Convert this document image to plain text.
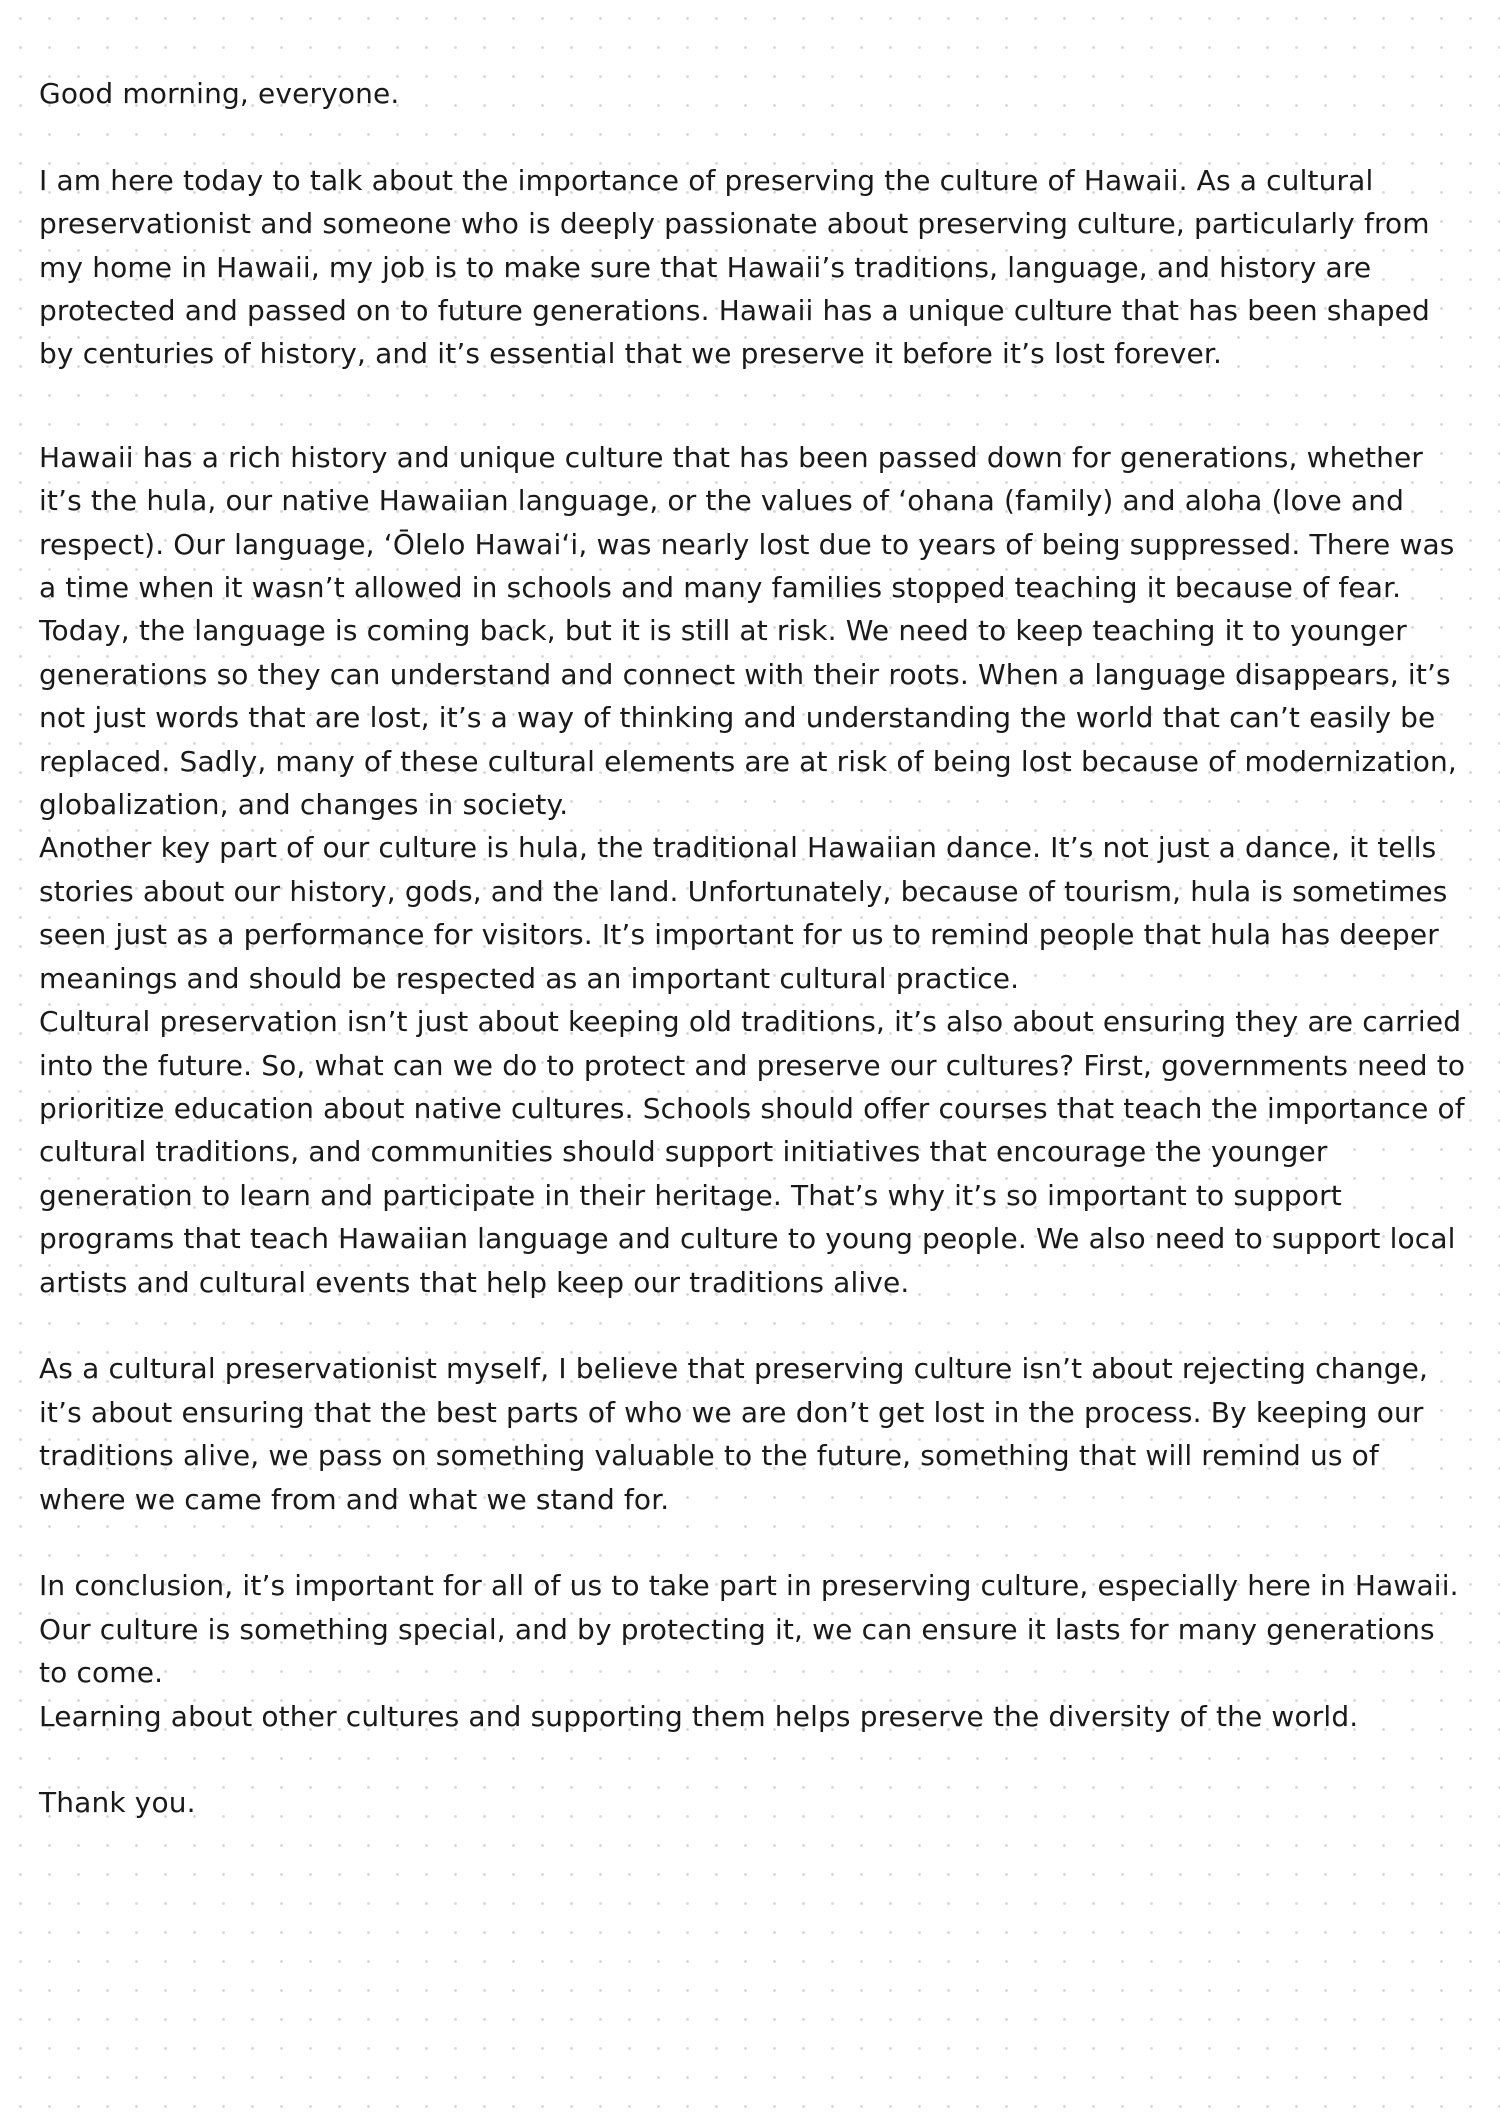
Good morning, everyone.

I am here today to talk about the importance of preserving the culture of Hawaii. As a cultural preservationist and someone who is deeply passionate about preserving culture, particularly from my home in Hawaii, my job is to make sure that Hawaii’s traditions, language, and history are protected and passed on to future generations. Hawaii has a unique culture that has been shaped by centuries of history, and it’s essential that we preserve it before it’s lost forever.

Hawaii has a rich history and unique culture that has been passed down for generations, whether it’s the hula, our native Hawaiian language, or the values of ʻohana (family) and aloha (love and respect). Our language, ʻŌlelo Hawaiʻi, was nearly lost due to years of being suppressed. There was a time when it wasn’t allowed in schools and many families stopped teaching it because of fear. Today, the language is coming back, but it is still at risk. We need to keep teaching it to younger generations so they can understand and connect with their roots. When a language disappears, it’s not just words that are lost, it’s a way of thinking and understanding the world that can’t easily be replaced. Sadly, many of these cultural elements are at risk of being lost because of modernization, globalization, and changes in society.

Another key part of our culture is hula, the traditional Hawaiian dance. It’s not just a dance, it tells stories about our history, gods, and the land. Unfortunately, because of tourism, hula is sometimes seen just as a performance for visitors. It’s important for us to remind people that hula has deeper meanings and should be respected as an important cultural practice.

Cultural preservation isn’t just about keeping old traditions, it’s also about ensuring they are carried into the future. So, what can we do to protect and preserve our cultures? First, governments need to prioritize education about native cultures. Schools should offer courses that teach the importance of cultural traditions, and communities should support initiatives that encourage the younger generation to learn and participate in their heritage. That’s why it’s so important to support programs that teach Hawaiian language and culture to young people. We also need to support local artists and cultural events that help keep our traditions alive.

As a cultural preservationist myself, I believe that preserving culture isn’t about rejecting change, it’s about ensuring that the best parts of who we are don’t get lost in the process. By keeping our traditions alive, we pass on something valuable to the future, something that will remind us of where we came from and what we stand for.

In conclusion, it’s important for all of us to take part in preserving culture, especially here in Hawaii. Our culture is something special, and by protecting it, we can ensure it lasts for many generations to come.

Learning about other cultures and supporting them helps preserve the diversity of the world.

Thank you.
